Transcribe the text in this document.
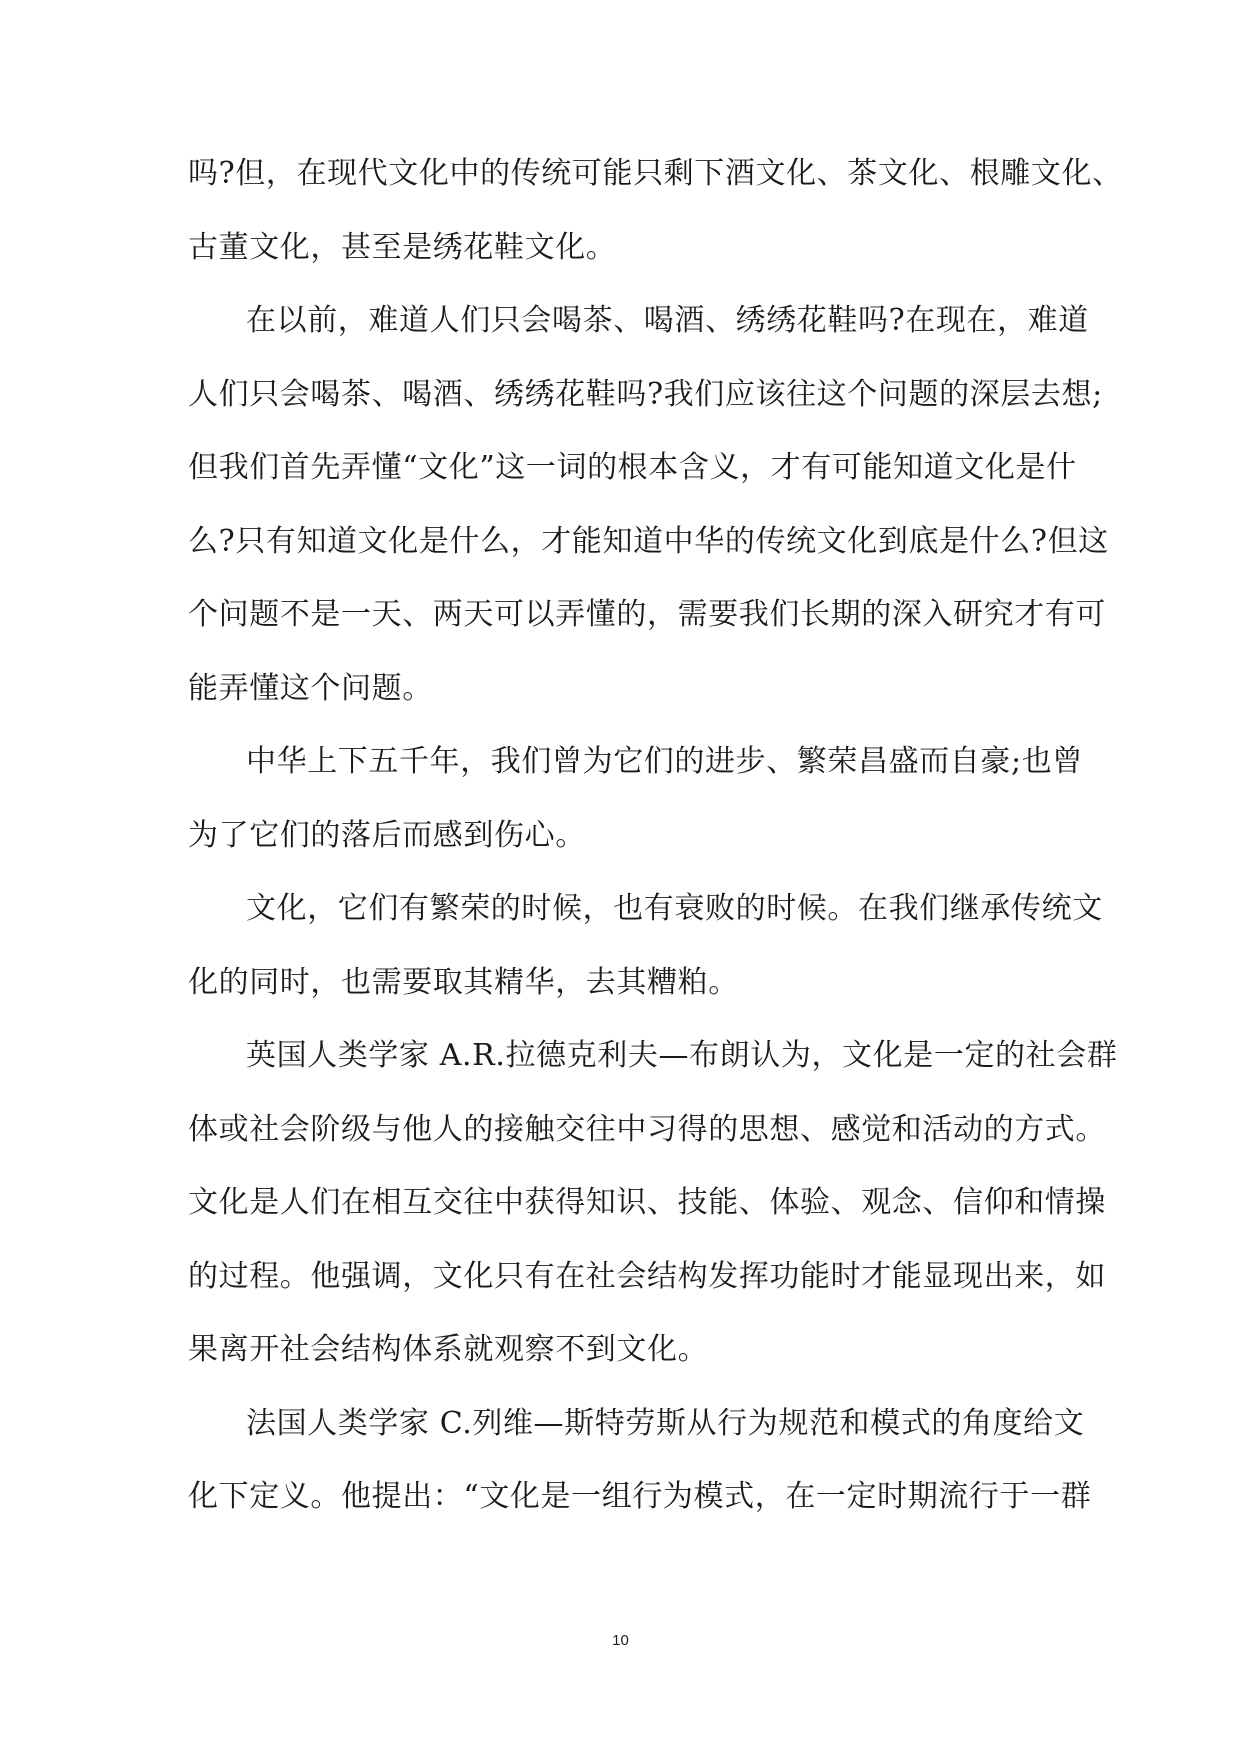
吗?但，在现代文化中的传统可能只剩下酒文化、茶文化、根雕文化、
古董文化，甚至是绣花鞋文化。
在以前，难道人们只会喝茶、喝酒、绣绣花鞋吗?在现在，难道
人们只会喝茶、喝酒、绣绣花鞋吗?我们应该往这个问题的深层去想;
但我们首先弄懂“文化”这一词的根本含义，才有可能知道文化是什
么?只有知道文化是什么，才能知道中华的传统文化到底是什么?但这
个问题不是一天、两天可以弄懂的，需要我们长期的深入研究才有可
能弄懂这个问题。
中华上下五千年，我们曾为它们的进步、繁荣昌盛而自豪;也曾
为了它们的落后而感到伤心。
文化，它们有繁荣的时候，也有衰败的时候。在我们继承传统文
化的同时，也需要取其精华，去其糟粕。
英国人类学家 A.R.拉德克利夫—布朗认为，文化是一定的社会群
体或社会阶级与他人的接触交往中习得的思想、感觉和活动的方式。
文化是人们在相互交往中获得知识、技能、体验、观念、信仰和情操
的过程。他强调，文化只有在社会结构发挥功能时才能显现出来，如
果离开社会结构体系就观察不到文化。
法国人类学家 C.列维—斯特劳斯从行为规范和模式的角度给文
化下定义。他提出：“文化是一组行为模式，在一定时期流行于一群
10
